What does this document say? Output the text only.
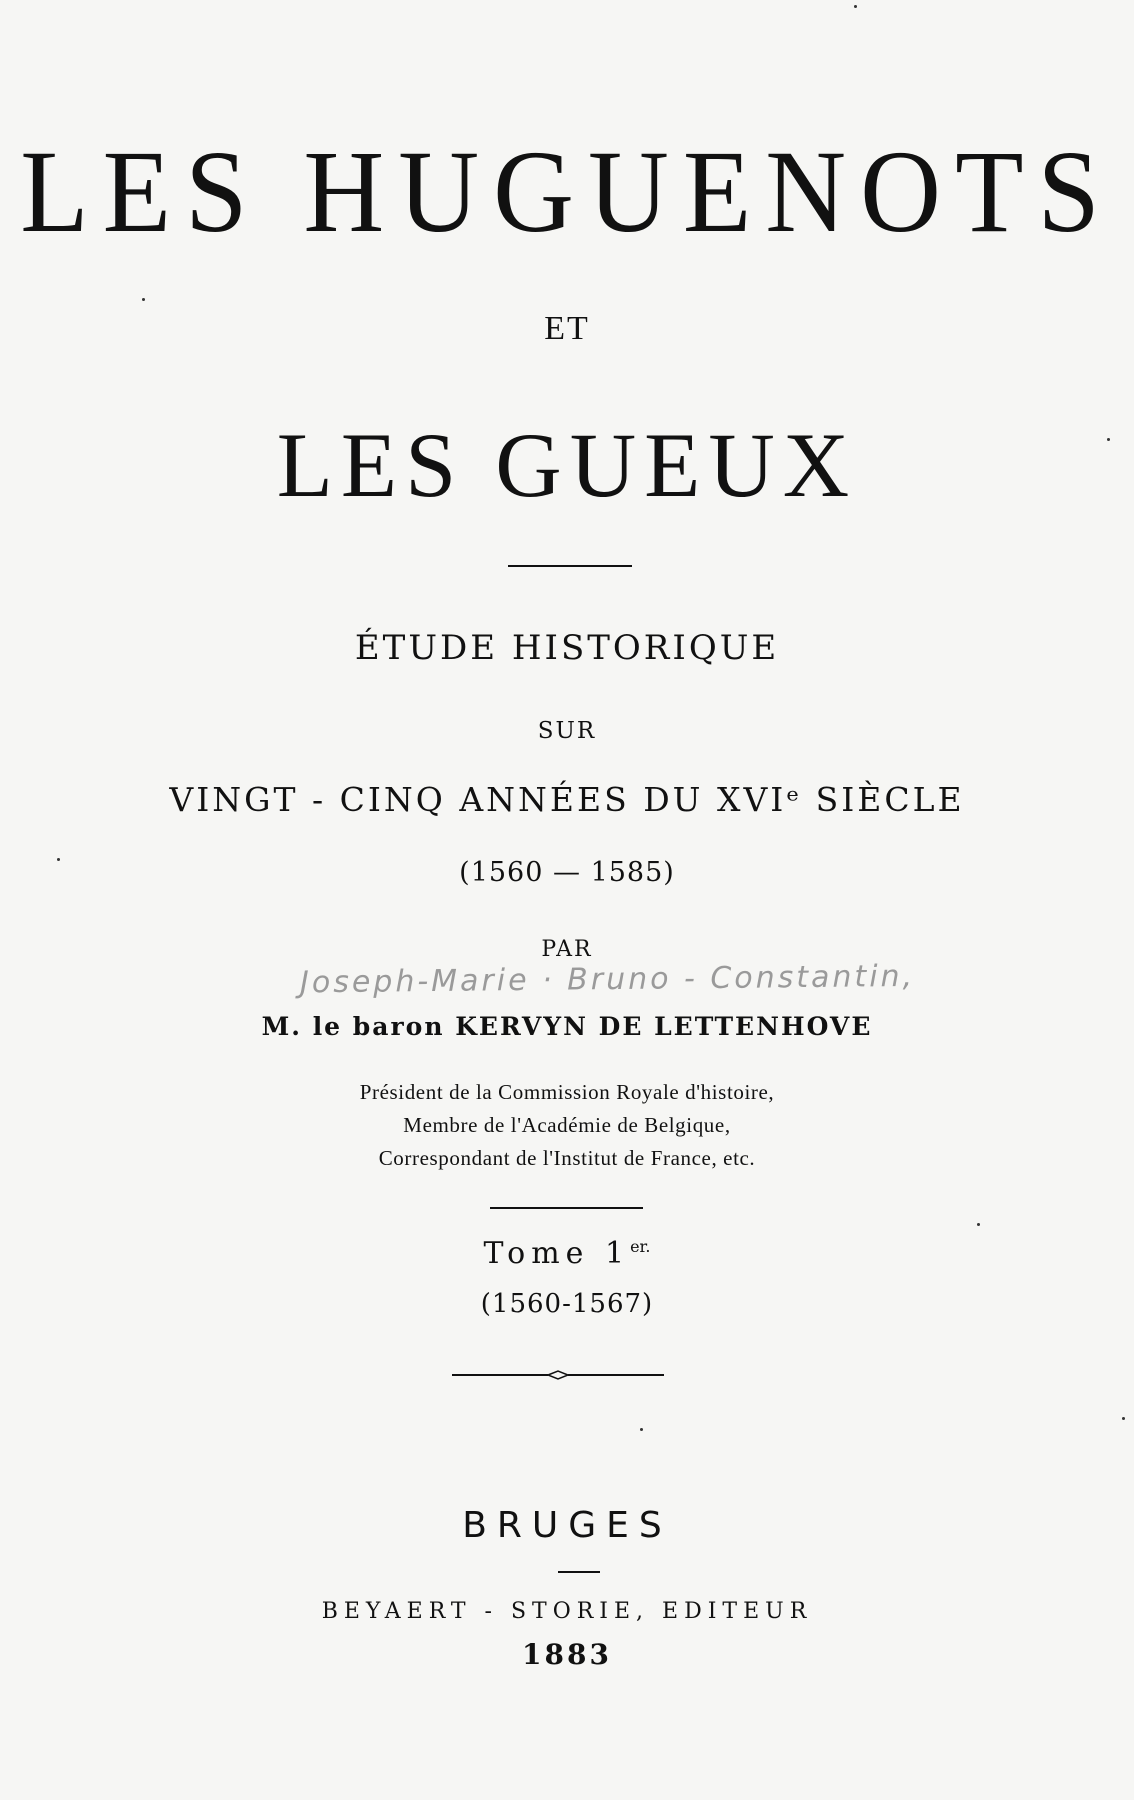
LES HUGUENOTS
ET
LES GUEUX
ÉTUDE HISTORIQUE
SUR
VINGT - CINQ ANNÉES DU XVIᵉ SIÈCLE
(1560 — 1585)
PAR
Joseph-Marie · Bruno - Constantin,
M. le baron KERVYN DE LETTENHOVE
Président de la Commission Royale d'histoire,
Membre de l'Académie de Belgique,
Correspondant de l'Institut de France, etc.
Tome $1^{er.}$
(1560-1567)
BRUGES
BEYAERT - STORIE, EDITEUR
1883
